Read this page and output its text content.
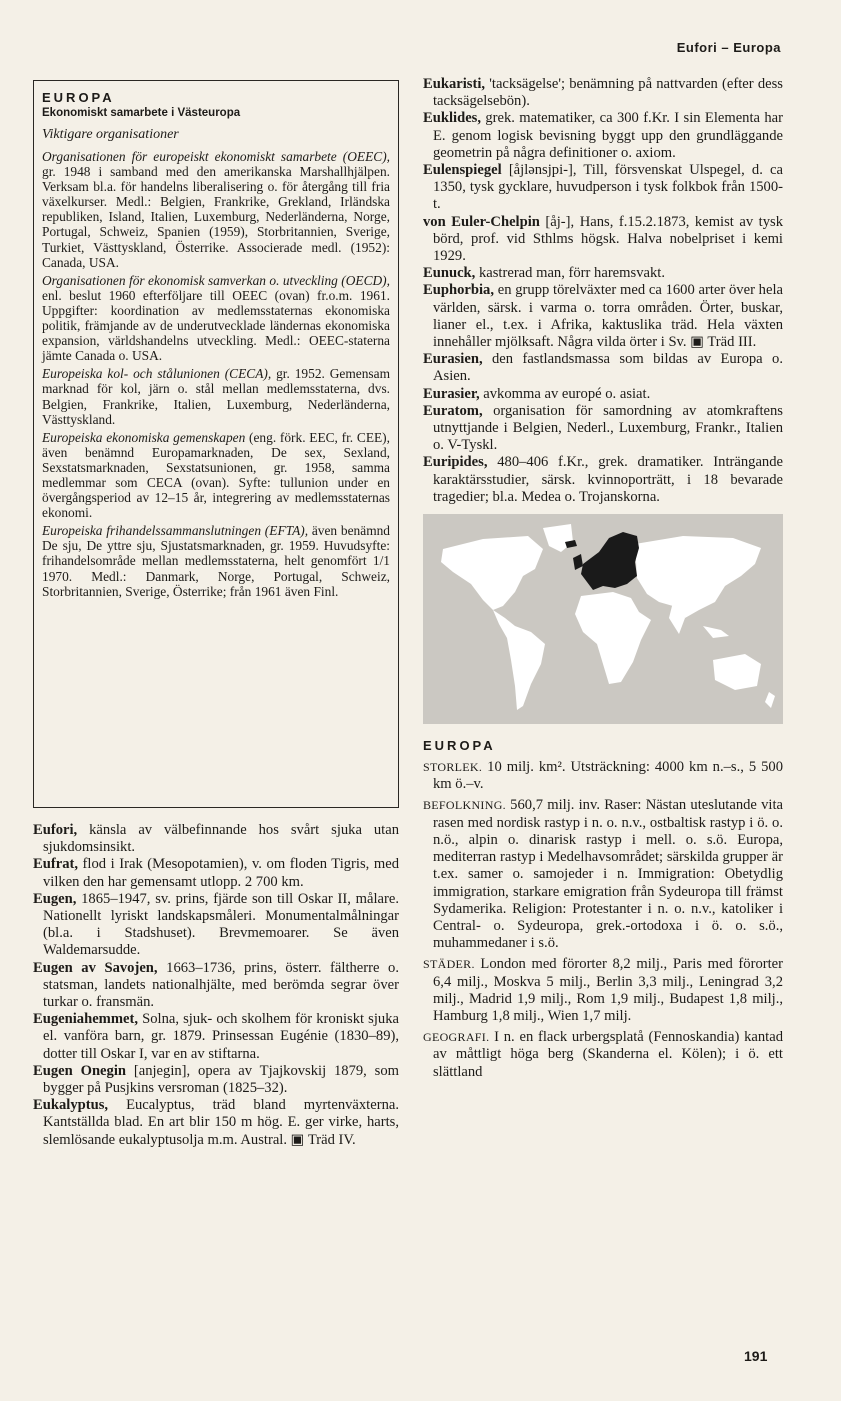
Eufori – Europa

EUROPA

Ekonomiskt samarbete i Västeuropa

Viktigare organisationer

Organisationen för europeiskt ekonomiskt samarbete (OEEC), gr. 1948 i samband med den amerikanska Marshallhjälpen. Verksam bl.a. för handelns liberalisering o. för återgång till fria växelkurser. Medl.: Belgien, Frankrike, Grekland, Irländska republiken, Island, Italien, Luxemburg, Nederländerna, Norge, Portugal, Schweiz, Spanien (1959), Storbritannien, Sverige, Turkiet, Västtyskland, Österrike. Associerade medl. (1952): Canada, USA.

Organisationen för ekonomisk samverkan o. utveckling (OECD), enl. beslut 1960 efterföljare till OEEC (ovan) fr.o.m. 1961. Uppgifter: koordination av medlemsstaternas ekonomiska politik, främjande av de underutvecklade ländernas ekonomiska expansion, världshandelns utveckling. Medl.: OEEC-staterna jämte Canada o. USA.

Europeiska kol- och stålunionen (CECA), gr. 1952. Gemensam marknad för kol, järn o. stål mellan medlemsstaterna, dvs. Belgien, Frankrike, Italien, Luxemburg, Nederländerna, Västtyskland.

Europeiska ekonomiska gemenskapen (eng. förk. EEC, fr. CEE), även benämnd Europamarknaden, De sex, Sexland, Sexstatsmarknaden, Sexstatsunionen, gr. 1958, samma medlemmar som CECA (ovan). Syfte: tullunion under en övergångsperiod av 12–15 år, integrering av medlemsstaternas ekonomi.

Europeiska frihandelssammanslutningen (EFTA), även benämnd De sju, De yttre sju, Sjustatsmarknaden, gr. 1959. Huvudsyfte: frihandelsområde mellan medlemsstaterna, helt genomfört 1/1 1970. Medl.: Danmark, Norge, Portugal, Schweiz, Storbritannien, Sverige, Österrike; från 1961 även Finl.

Eufori, känsla av välbefinnande hos svårt sjuka utan sjukdomsinsikt.

Eufrat, flod i Irak (Mesopotamien), v. om floden Tigris, med vilken den har gemensamt utlopp. 2 700 km.

Eugen, 1865–1947, sv. prins, fjärde son till Oskar II, målare. Nationellt lyriskt landskapsmåleri. Monumentalmålningar (bl.a. i Stadshuset). Brevmemoarer. Se även Waldemarsudde.

Eugen av Savojen, 1663–1736, prins, österr. fältherre o. statsman, landets nationalhjälte, med berömda segrar över turkar o. fransmän.

Eugeniahemmet, Solna, sjuk- och skolhem för kroniskt sjuka el. vanföra barn, gr. 1879. Prinsessan Eugénie (1830–89), dotter till Oskar I, var en av stiftarna.

Eugen Onegin [anjegin], opera av Tjajkovskij 1879, som bygger på Pusjkins versroman (1825–32).

Eukalyptus, Eucalyptus, träd bland myrtenväxterna. Kantställda blad. En art blir 150 m hög. E. ger virke, harts, slemlösande eukalyptusolja m.m. Austral. ▣ Träd IV.

Eukaristi, 'tacksägelse'; benämning på nattvarden (efter dess tacksägelsebön).

Euklides, grek. matematiker, ca 300 f.Kr. I sin Elementa har E. genom logisk bevisning byggt upp den grundläggande geometrin på några definitioner o. axiom.

Eulenspiegel [åjlənsjpi-], Till, försvenskat Ulspegel, d. ca 1350, tysk gycklare, huvudperson i tysk folkbok från 1500-t.

von Euler-Chelpin [åj-], Hans, f.15.2.1873, kemist av tysk börd, prof. vid Sthlms högsk. Halva nobelpriset i kemi 1929.

Eunuck, kastrerad man, förr haremsvakt.

Euphorbia, en grupp törelväxter med ca 1600 arter över hela världen, särsk. i varma o. torra områden. Örter, buskar, lianer el., t.ex. i Afrika, kaktuslika träd. Hela växten innehåller mjölksaft. Några vilda örter i Sv. ▣ Träd III.

Eurasien, den fastlandsmassa som bildas av Europa o. Asien.

Eurasier, avkomma av europé o. asiat.

Euratom, organisation för samordning av atomkraftens utnyttjande i Belgien, Nederl., Luxemburg, Frankr., Italien o. V-Tyskl.

Euripides, 480–406 f.Kr., grek. dramatiker. Inträngande karaktärsstudier, särsk. kvinnoporträtt, i 18 bevarade tragedier; bl.a. Medea o. Trojanskorna.

EUROPA

STORLEK. 10 milj. km². Utsträckning: 4000 km n.–s., 5 500 km ö.–v.

BEFOLKNING. 560,7 milj. inv. Raser: Nästan uteslutande vita rasen med nordisk rastyp i n. o. n.v., ostbaltisk rastyp i ö. o. n.ö., alpin o. dinarisk rastyp i mell. o. s.ö. Europa, mediterran rastyp i Medelhavsområdet; särskilda grupper är t.ex. samer o. samojeder i n. Immigration: Obetydlig immigration, starkare emigration från Sydeuropa till främst Sydamerika. Religion: Protestanter i n. o. n.v., katoliker i Central- o. Sydeuropa, grek.-ortodoxa i ö. o. s.ö., muhammedaner i s.ö.

STÄDER. London med förorter 8,2 milj., Paris med förorter 6,4 milj., Moskva 5 milj., Berlin 3,3 milj., Leningrad 3,2 milj., Madrid 1,9 milj., Rom 1,9 milj., Budapest 1,8 milj., Hamburg 1,8 milj., Wien 1,7 milj.

GEOGRAFI. I n. en flack urbergsplatå (Fennoskandia) kantad av måttligt höga berg (Skanderna el. Kölen); i ö. ett slättland

191
